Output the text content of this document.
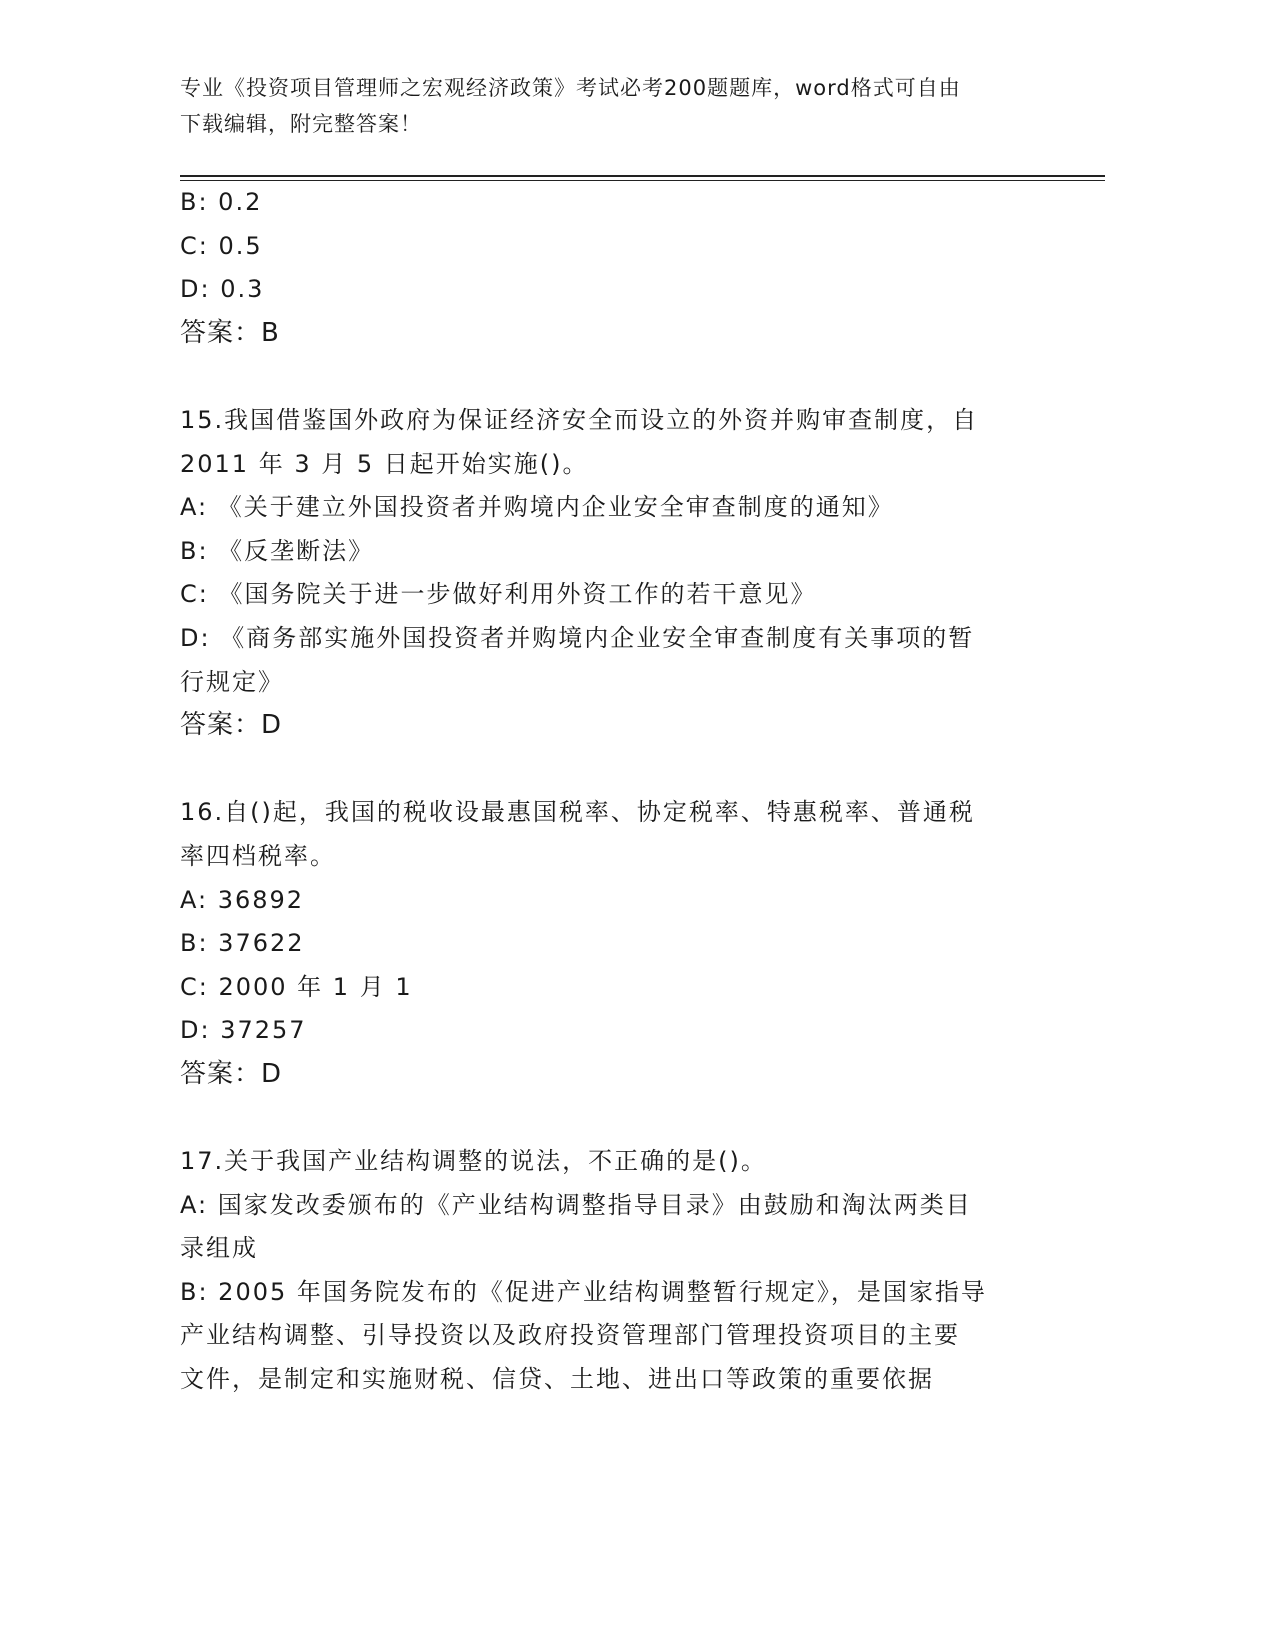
专业《投资项目管理师之宏观经济政策》考试必考200题题库，word格式可自由
下载编辑，附完整答案！

B: 0.2

C: 0.5

D: 0.3

答案：B

15.我国借鉴国外政府为保证经济安全而设立的外资并购审查制度，自

2011 年 3 月 5 日起开始实施()。

A: 《关于建立外国投资者并购境内企业安全审查制度的通知》

B: 《反垄断法》

C: 《国务院关于进一步做好利用外资工作的若干意见》

D: 《商务部实施外国投资者并购境内企业安全审查制度有关事项的暂

行规定》

答案：D

16.自()起，我国的税收设最惠国税率、协定税率、特惠税率、普通税

率四档税率。

A: 36892

B: 37622

C: 2000 年 1 月 1

D: 37257

答案：D

17.关于我国产业结构调整的说法，不正确的是()。

A: 国家发改委颁布的《产业结构调整指导目录》由鼓励和淘汰两类目

录组成

B: 2005 年国务院发布的《促进产业结构调整暂行规定》，是国家指导

产业结构调整、引导投资以及政府投资管理部门管理投资项目的主要

文件，是制定和实施财税、信贷、土地、进出口等政策的重要依据
